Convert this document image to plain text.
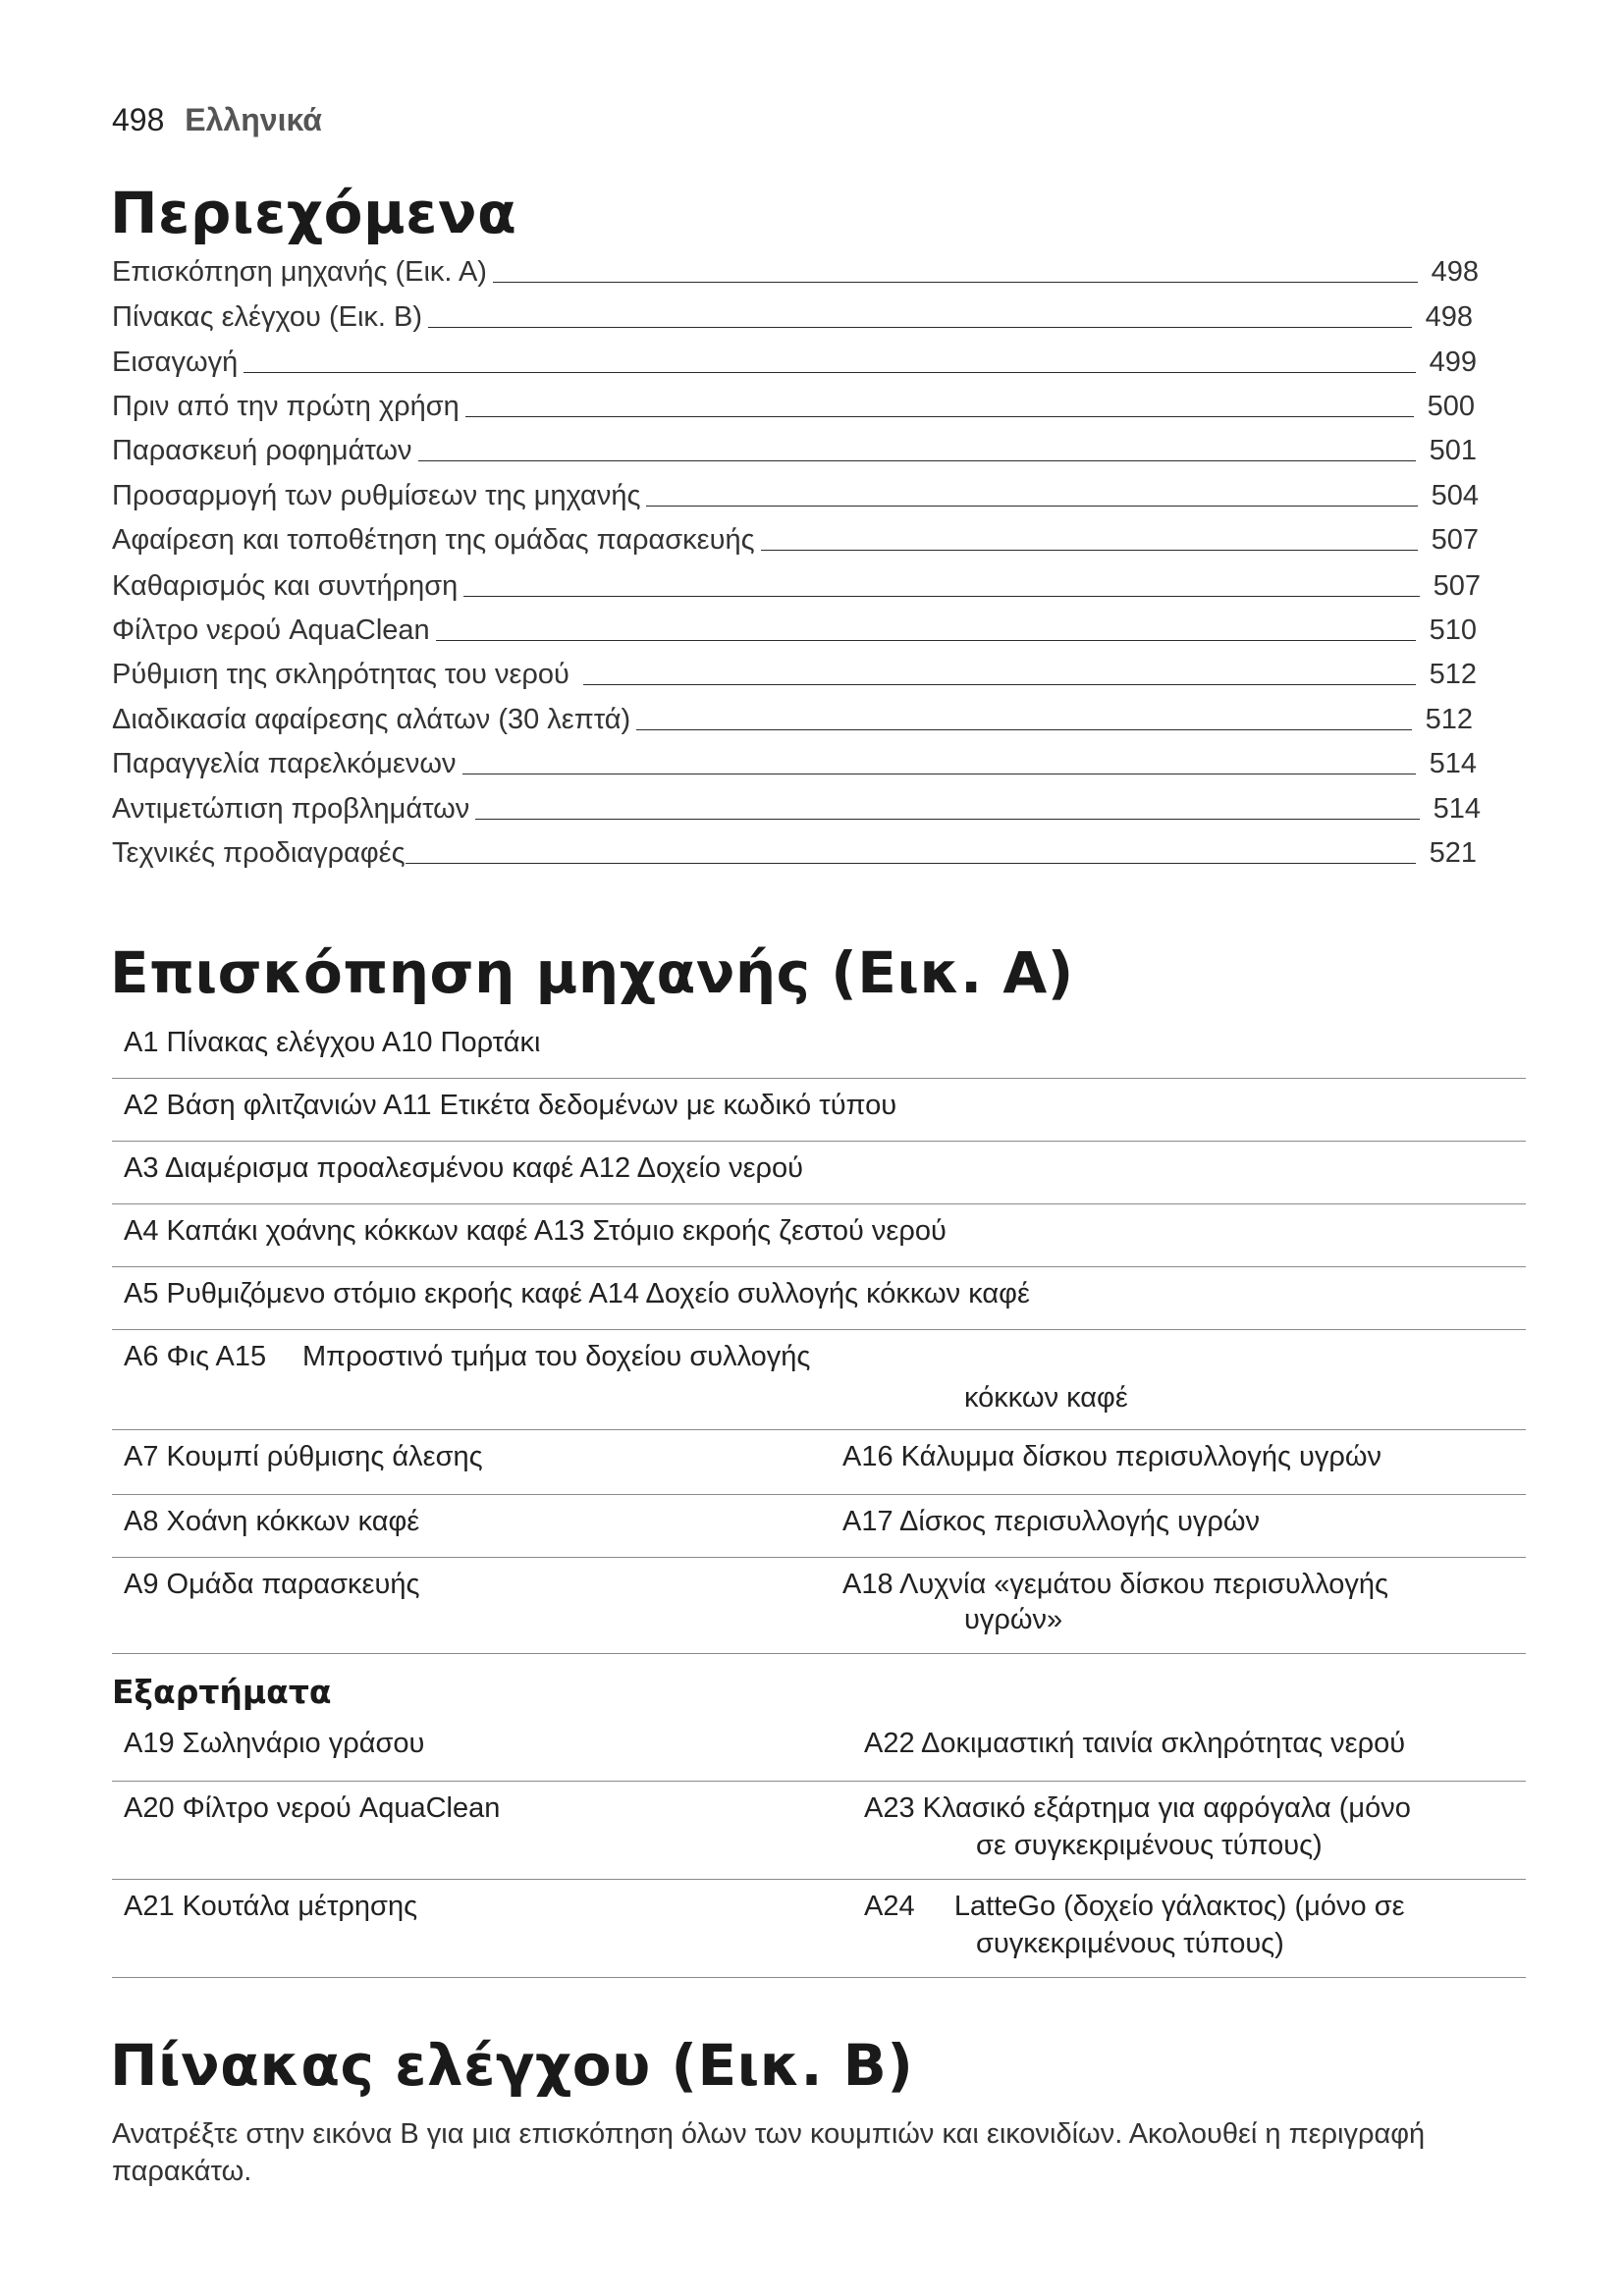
498 Ελληνικά
Περιεχόμενα
Επισκόπηση μηχανής (Εικ. Α)	498
Πίνακας ελέγχου (Εικ. Β)	498
Εισαγωγή	499
Πριν από την πρώτη χρήση	500
Παρασκευή ροφημάτων	501
Προσαρμογή των ρυθμίσεων της μηχανής	504
Αφαίρεση και τοποθέτηση της ομάδας παρασκευής	507
Καθαρισμός και συντήρηση	507
Φίλτρο νερού AquaClean	510
Ρύθμιση της σκληρότητας του νερού	512
Διαδικασία αφαίρεσης αλάτων (30 λεπτά)	512
Παραγγελία παρελκόμενων	514
Αντιμετώπιση προβλημάτων	514
Τεχνικές προδιαγραφές	521
Επισκόπηση μηχανής (Εικ. Α)
Α1 Πίνακας ελέγχου Α10 Πορτάκι
Α2 Βάση φλιτζανιών Α11 Ετικέτα δεδομένων με κωδικό τύπου
Α3 Διαμέρισμα προαλεσμένου καφέ Α12 Δοχείο νερού
Α4 Καπάκι χοάνης κόκκων καφέ Α13 Στόμιο εκροής ζεστού νερού
Α5 Ρυθμιζόμενο στόμιο εκροής καφέ Α14 Δοχείο συλλογής κόκκων καφέ
Α6 Φις Α15 Μπροστινό τμήμα του δοχείου συλλογής
κόκκων καφέ
Α7 Κουμπί ρύθμισης άλεσης	Α16 Κάλυμμα δίσκου περισυλλογής υγρών
Α8 Χοάνη κόκκων καφέ	Α17 Δίσκος περισυλλογής υγρών
Α9 Ομάδα παρασκευής	Α18 Λυχνία «γεμάτου δίσκου περισυλλογής
υγρών»
Εξαρτήματα
Α19 Σωληνάριο γράσου	Α22 Δοκιμαστική ταινία σκληρότητας νερού
Α20 Φίλτρο νερού AquaClean	Α23 Κλασικό εξάρτημα για αφρόγαλα (μόνο
σε συγκεκριμένους τύπους)
Α21 Κουτάλα μέτρησης	Α24     LatteGo (δοχείο γάλακτος) (μόνο σε
συγκεκριμένους τύπους)
Πίνακας ελέγχου (Εικ. Β)

Ανατρέξτε στην εικόνα Β για μια επισκόπηση όλων των κουμπιών και εικονιδίων. Ακολουθεί η περιγραφή παρακάτω.
